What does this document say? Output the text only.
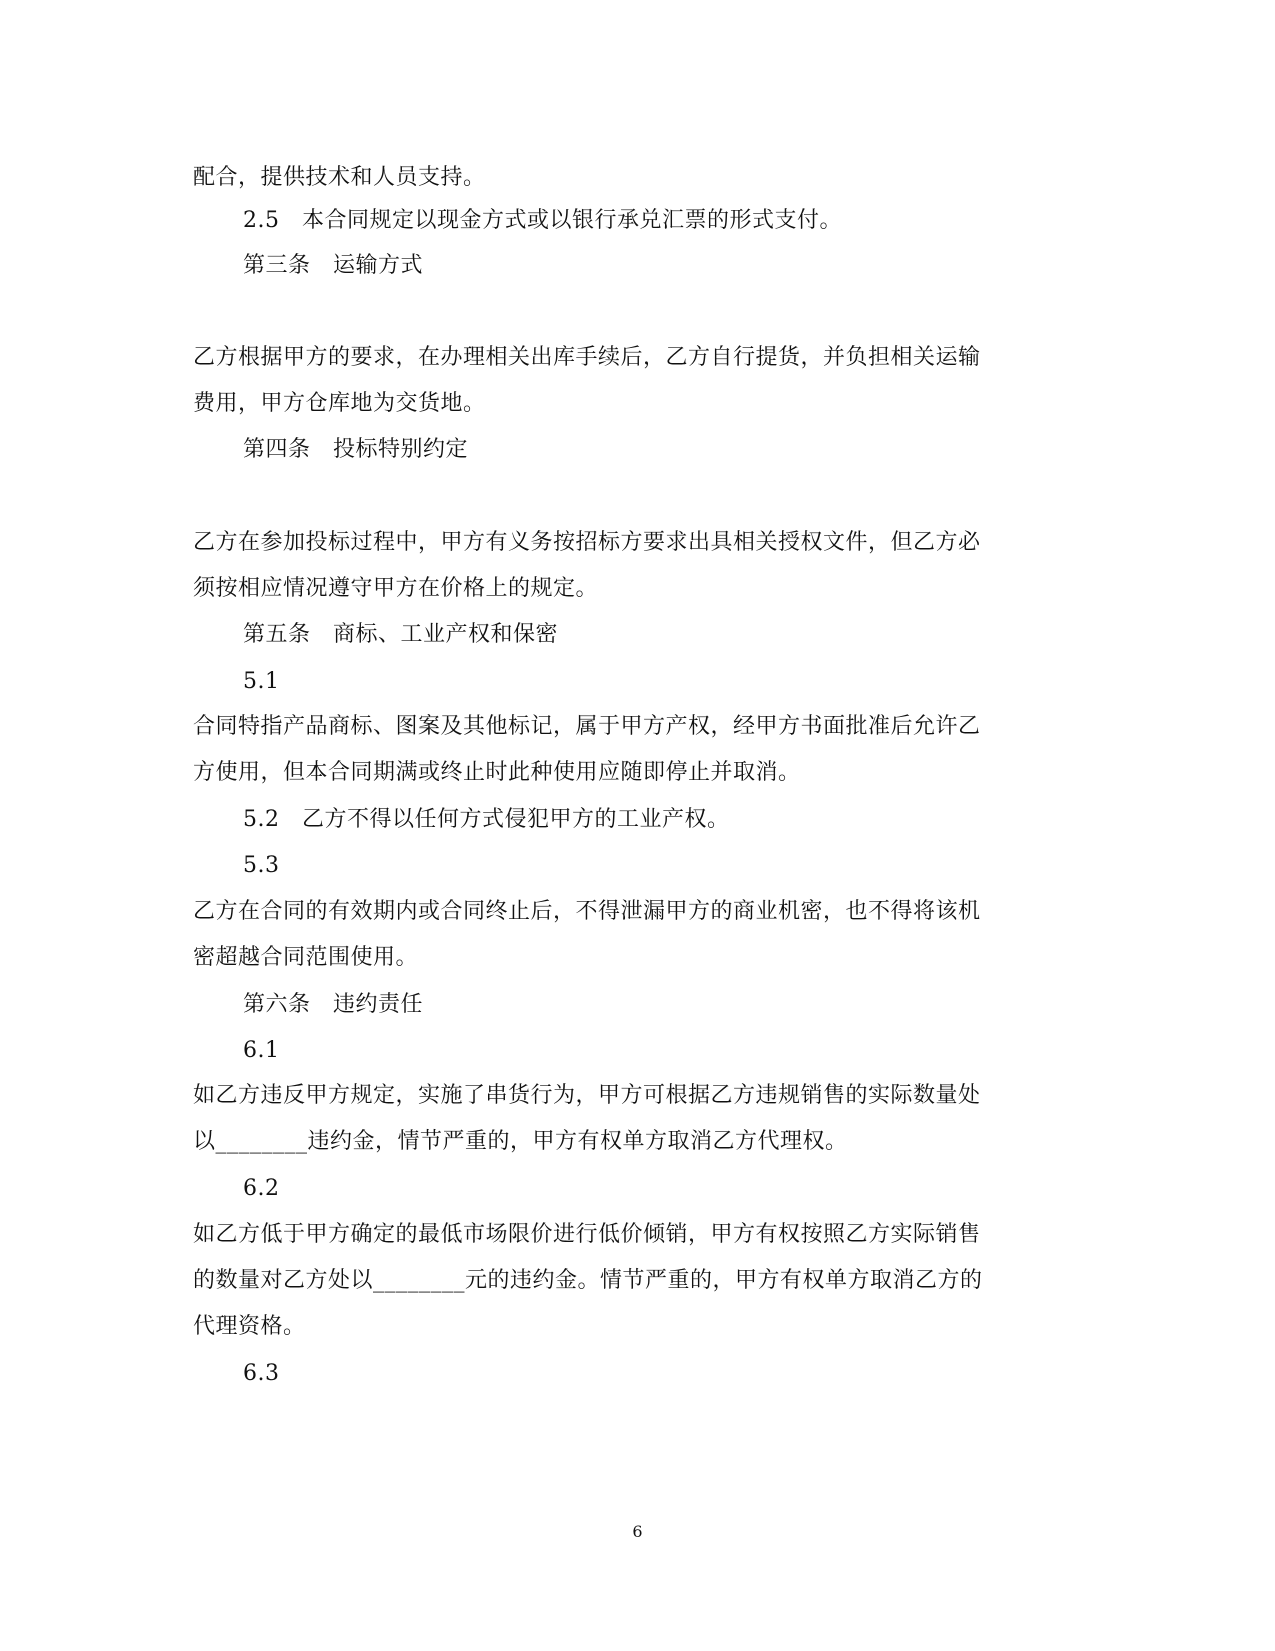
配合，提供技术和人员支持。
2.5　本合同规定以现金方式或以银行承兑汇票的形式支付。
第三条　运输方式
乙方根据甲方的要求，在办理相关出库手续后，乙方自行提货，并负担相关运输
费用，甲方仓库地为交货地。
第四条　投标特别约定
乙方在参加投标过程中，甲方有义务按招标方要求出具相关授权文件，但乙方必
须按相应情况遵守甲方在价格上的规定。
第五条　商标、工业产权和保密
5.1
合同特指产品商标、图案及其他标记，属于甲方产权，经甲方书面批准后允许乙
方使用，但本合同期满或终止时此种使用应随即停止并取消。
5.2　乙方不得以任何方式侵犯甲方的工业产权。
5.3
乙方在合同的有效期内或合同终止后，不得泄漏甲方的商业机密，也不得将该机
密超越合同范围使用。
第六条　违约责任
6.1
如乙方违反甲方规定，实施了串货行为，甲方可根据乙方违规销售的实际数量处
以________违约金，情节严重的，甲方有权单方取消乙方代理权。
6.2
如乙方低于甲方确定的最低市场限价进行低价倾销，甲方有权按照乙方实际销售
的数量对乙方处以________元的违约金。情节严重的，甲方有权单方取消乙方的
代理资格。
6.3
6
